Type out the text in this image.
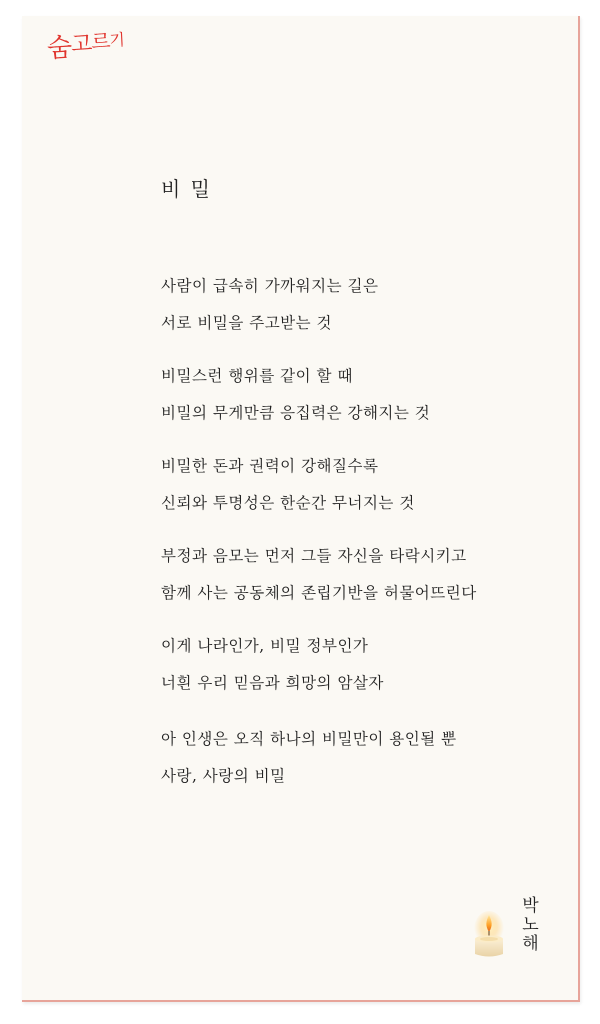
숨고르기
비 밀
사람이 급속히 가까워지는 길은
서로 비밀을 주고받는 것
비밀스런 행위를 같이 할 때
비밀의 무게만큼 응집력은 강해지는 것
비밀한 돈과 권력이 강해질수록
신뢰와 투명성은 한순간 무너지는 것
부정과 음모는 먼저 그들 자신을 타락시키고
함께 사는 공동체의 존립기반을 허물어뜨린다
이게 나라인가, 비밀 정부인가
너흰 우리 믿음과 희망의 암살자
아 인생은 오직 하나의 비밀만이 용인될 뿐
사랑, 사랑의 비밀
박노해
